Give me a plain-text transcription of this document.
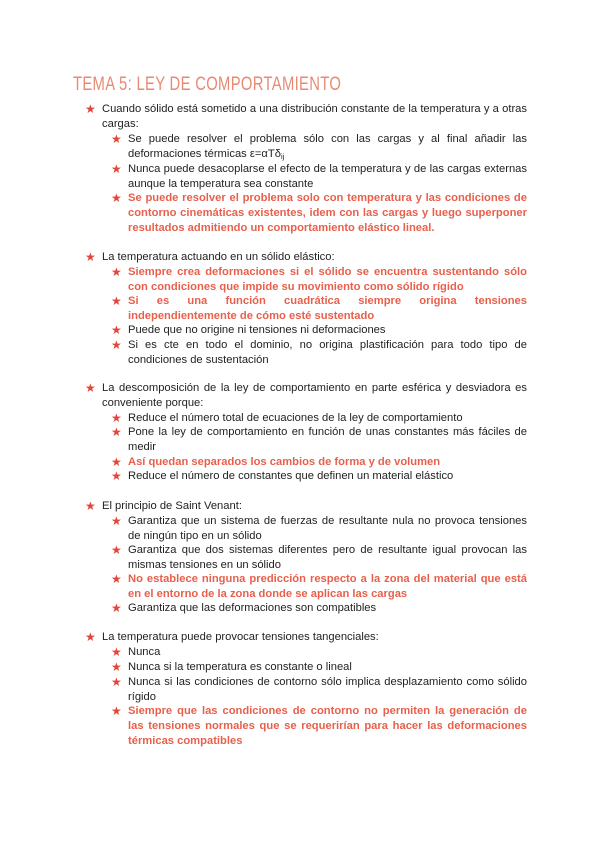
TEMA 5: LEY DE COMPORTAMIENTO
★ Cuando sólido está sometido a una distribución constante de la temperatura y a otras cargas:
★ Se puede resolver el problema sólo con las cargas y al final añadir las deformaciones térmicas ε=αTδ$_{ij}$
★ Nunca puede desacoplarse el efecto de la temperatura y de las cargas externas aunque la temperatura sea constante
★ Se puede resolver el problema solo con temperatura y las condiciones de contorno cinemáticas existentes, idem con las cargas y luego superponer resultados admitiendo un comportamiento elástico lineal.
★ La temperatura actuando en un sólido elástico:
★ Siempre crea deformaciones si el sólido se encuentra sustentando sólo con condiciones que impide su movimiento como sólido rígido
★ Si es una función cuadrática siempre origina tensiones independientemente de cómo esté sustentado
★ Puede que no origine ni tensiones ni deformaciones
★ Si es cte en todo el dominio, no origina plastificación para todo tipo de condiciones de sustentación
★ La descomposición de la ley de comportamiento en parte esférica y desviadora es conveniente porque:
★ Reduce el número total de ecuaciones de la ley de comportamiento
★ Pone la ley de comportamiento en función de unas constantes más fáciles de medir
★ Así quedan separados los cambios de forma y de volumen
★ Reduce el número de constantes que definen un material elástico
★ El principio de Saint Venant:
★ Garantiza que un sistema de fuerzas de resultante nula no provoca tensiones de ningún tipo en un sólido
★ Garantiza que dos sistemas diferentes pero de resultante igual provocan las mismas tensiones en un sólido
★ No establece ninguna predicción respecto a la zona del material que está en el entorno de la zona donde se aplican las cargas
★ Garantiza que las deformaciones son compatibles
★ La temperatura puede provocar tensiones tangenciales:
★ Nunca
★ Nunca si la temperatura es constante o lineal
★ Nunca si las condiciones de contorno sólo implica desplazamiento como sólido rígido
★ Siempre que las condiciones de contorno no permiten la generación de las tensiones normales que se requerirían para hacer las deformaciones térmicas compatibles
